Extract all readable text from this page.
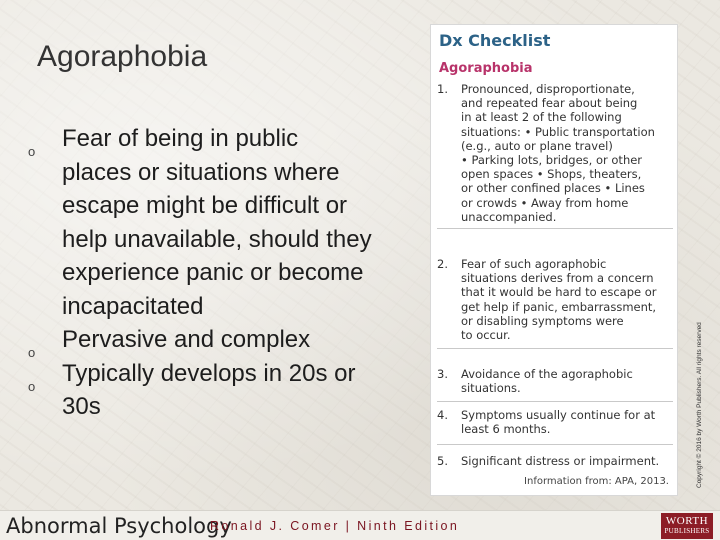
Agoraphobia
o Fear of being in public places or situations where escape might be difficult or help unavailable, should they experience panic or become incapacitated
o Pervasive and complex
o Typically develops in 20s or 30s
Dx Checklist
Agoraphobia
1. Pronounced, disproportionate,
and repeated fear about being
in at least 2 of the following
situations: • Public transportation
(e.g., auto or plane travel)
• Parking lots, bridges, or other
open spaces • Shops, theaters,
or other confined places • Lines
or crowds • Away from home
unaccompanied.
2. Fear of such agoraphobic
situations derives from a concern
that it would be hard to escape or
get help if panic, embarrassment,
or disabling symptoms were
to occur.
3. Avoidance of the agoraphobic
situations.
4. Symptoms usually continue for at
least 6 months.
5. Significant distress or impairment.
Information from: APA, 2013.	Copyright © 2016 by Worth Publishers. All rights reserved
Abnormal Psychology
Ronald J. Comer | Ninth Edition	WORTH
PUBLISHERS
